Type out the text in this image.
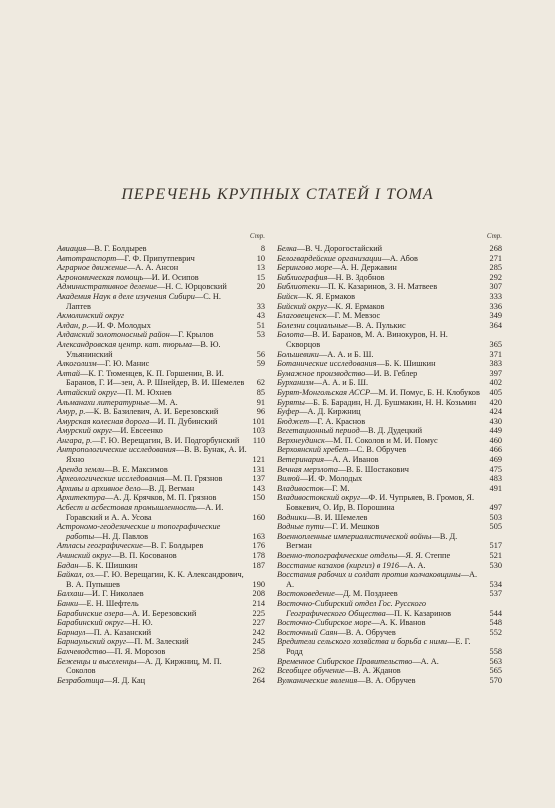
ПЕРЕЧЕНЬ КРУПНЫХ СТАТЕЙ I ТОМА
Стр.
Авиация—В. Г. Болдырев	8
Автотранспорт—Г. Ф. Припутпеврич	10
Аграрное движение—А. А. Ансон	13
Агрономическая помощь—И. И. Осипов	15
Административное деление—Н. С. Юрцовский	20
Академия Наук в деле изучения Сибири—С. Н. Лаптев	33
Акмолинский округ	43
Алдан, р.—И. Ф. Молодых	51
Алданский золотоносный район—Г. Крылов	53
Александровская центр. кат. тюрьма—В. Ю. Ульянинский	56
Алкоголизм—Г. Ю. Манис	59
Алтай—К. Г. Тюменцев, К. П. Горшенин, В. И. Баранов, Г. И—зен, А. Р. Шнейдер, В. И. Шемелев	62
Алтайский округ—П. М. Юхнев	85
Альманахи литературные—М. А.	91
Амур, р.—К. В. Базилевич, А. И. Березовский	96
Амурская колесная дорога—И. П. Дубинский	101
Амурский округ—И. Евсеенко	103
Ангара, р.—Г. Ю. Верещагин, В. И. Подгорбунский	110
Антропологические исследования—В. В. Бунак, А. И. Яхно	121
Аренда земли—В. Е. Максимов	131
Археологические исследования—М. П. Грязнов	137
Архивы и архивное дело—В. Д. Вегман	143
Архитектура—А. Д. Крячков, М. П. Грязнов	150
Асбест и асбестовая промышленность—А. И. Горавский и А. А. Усова	160
Астрономо-геодезические и топографические работы—Н. Д. Павлов	163
Атласы географические—В. Г. Болдырев	176
Ачинский округ—В. П. Косованов	178
Бадан—Б. К. Шишкин	187
Байкал, оз.—Г. Ю. Верещагин, К. К. Александрович, В. А. Пупышев	190
Балхаш—И. Г. Николаев	208
Банки—Е. Н. Шефтель	214
Барабинские озера—А. И. Березовский	225
Барабинский округ—Н. Ю.	227
Барнаул—П. А. Казанский	242
Барнаульский округ—П. М. Залеский	245
Бахчеводство—П. Я. Морозов	258
Беженцы и выселенцы—А. Д. Киржниц, М. П. Соколов	262
Безработица—Я. Д. Кац	264
Стр.
Белка—В. Ч. Дорогостайский	268
Белогвардейские организации—А. Абов	271
Берингово море—А. Н. Державин	285
Библиография—Н. В. Здобнов	292
Библиотеки—П. К. Казаринов, З. Н. Матвеев	307
Бийск—К. Я. Ермаков	333
Бийский округ—К. Я. Ермаков	336
Благовещенск—Г. М. Мевзос	349
Болезни социальные—В. А. Пулькис	364
Болота—В. И. Баранов, М. А. Винокуров, Н. Н. Скворцов	365
Большевики—А. А. и Б. Ш.	371
Ботанические исследования—Б. К. Шишкин	383
Бумажное производство—И. В. Геблер	397
Бурханизм—А. А. и Б. Ш.	402
Бурят-Монгольская АССР—М. И. Помус, Б. Н. Клобуков	405
Буряты—Б. Б. Барадин, Н. Д. Бушмакин, Н. Н. Козьмин	420
Буфер—А. Д. Киржниц	424
Бюджет—Г. А. Краснов	430
Вегетационный период—В. Д. Дудецкий	449
Верхнеудинск—М. П. Соколов и М. И. Помус	460
Верхоянский хребет—С. В. Обручев	466
Ветеринария—А. А. Иванов	469
Вечная мерзлота—В. Б. Шостакович	475
Вилюй—И. Ф. Молодых	483
Владивосток—Г. М.	491
Владивостокский округ—Ф. И. Чупрьяев, В. Громов, Я. Бовкевич, О. Ир, В. Порошина	497
Водники—В. И. Шемелев	503
Водные пути—Г. И. Мешков	505
Военнопленные империалистической войны—В. Д. Вегман	517
Военно-топографические отделы—Я. Я. Степпе	521
Восстание казахов (киргиз) в 1916—А. А.	530
Восстания рабочих и солдат против колчаковщины—А. А.	534
Востоковедение—Д. М. Позднеев	537
Восточно-Сибирский отдел Гос. Русского Географического Общества—П. К. Казаринов	544
Восточно-Сибирское море—А. К. Иванов	548
Восточный Саян—В. А. Обручев	552
Вредители сельского хозяйства и борьба с ними—Е. Г. Родд	558
Временное Сибирское Правительство—А. А.	563
Всеобщее обучение—В. А. Жданов	565
Вулканические явления—В. А. Обручев	570
